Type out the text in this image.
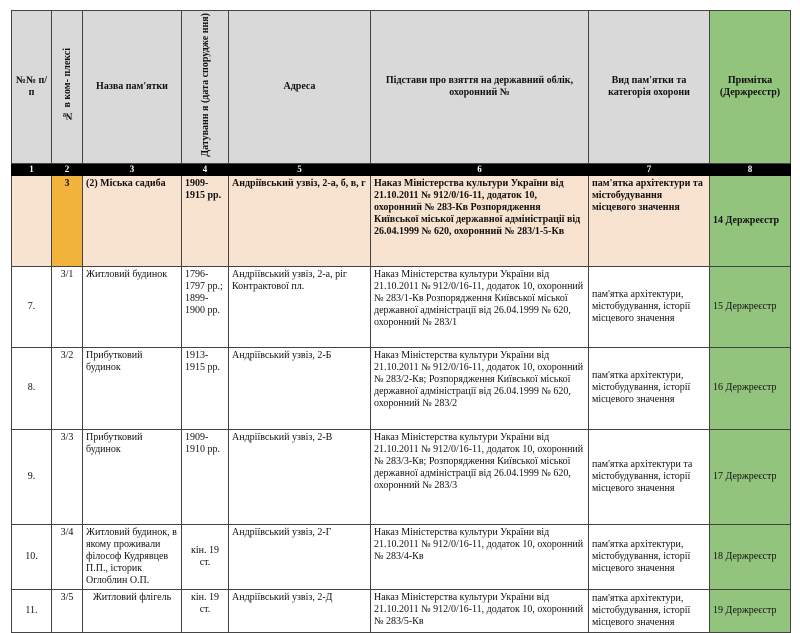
№№ п/п	№ в ком- плексі	Назва пам'ятки	Датуванн я (дата спорудже ння)	Адреса	Підстави про взяття на державний облік, охоронний №	Вид пам'ятки та категорія охорони	Примітка (Держреєстр)
1	2	3	4	5	6	7	8
	3	(2) Міська садиба	1909- 1915 рр.	Андріївський узвіз, 2-а, б, в, г	Наказ Міністерства культури України від 21.10.2011 № 912/0/16-11, додаток 10, охоронний № 283-Кв Розпорядження Київської міської державної адміністрації від 26.04.1999 № 620, охоронний № 283/1-5-Кв	пам'ятка архітектури та містобудування місцевого значення	14 Держреєстр
7.	3/1	Житловий будинок	1796- 1797 рр.; 1899- 1900 рр.	Андріївський узвіз, 2-а, ріг Контрактової пл.	Наказ Міністерства культури України від 21.10.2011 № 912/0/16-11, додаток 10, охоронний № 283/1-Кв Розпорядження Київської міської державної адміністрації від 26.04.1999 № 620, охоронний № 283/1	пам'ятка архітектури, містобудування, історії місцевого значення	15 Держреєстр
8.	3/2	Прибутковий будинок	1913- 1915 рр.	Андріївський узвіз, 2-Б	Наказ Міністерства культури України від 21.10.2011 № 912/0/16-11, додаток 10, охоронний № 283/2-Кв; Розпорядження Київської міської державної адміністрації від 26.04.1999 № 620, охоронний № 283/2	пам'ятка архітектури, містобудування, історії місцевого значення	16 Держреєстр
9.	3/3	Прибутковий будинок	1909- 1910 рр.	Андріївський узвіз, 2-В	Наказ Міністерства культури України від 21.10.2011 № 912/0/16-11, додаток 10, охоронний № 283/3-Кв; Розпорядження Київської міської державної адміністрації від 26.04.1999 № 620, охоронний № 283/3	пам'ятка архітектури та містобудування, історії місцевого значення	17 Держреєстр
10.	3/4	Житловий будинок, в якому проживали філософ Кудрявцев П.П., історик Оглоблин О.П.	кін. 19 ст.	Андріївський узвіз, 2-Г	Наказ Міністерства культури України від 21.10.2011 № 912/0/16-11, додаток 10, охоронний № 283/4-Кв	пам'ятка архітектури, містобудування, історії місцевого значення	18 Держреєстр
11.	3/5	Житловий флігель	кін. 19 ст.	Андріївський узвіз, 2-Д	Наказ Міністерства культури України від 21.10.2011 № 912/0/16-11, додаток 10, охоронний № 283/5-Кв	пам'ятка архітектури, містобудування, історії місцевого значення	19 Держреєстр
